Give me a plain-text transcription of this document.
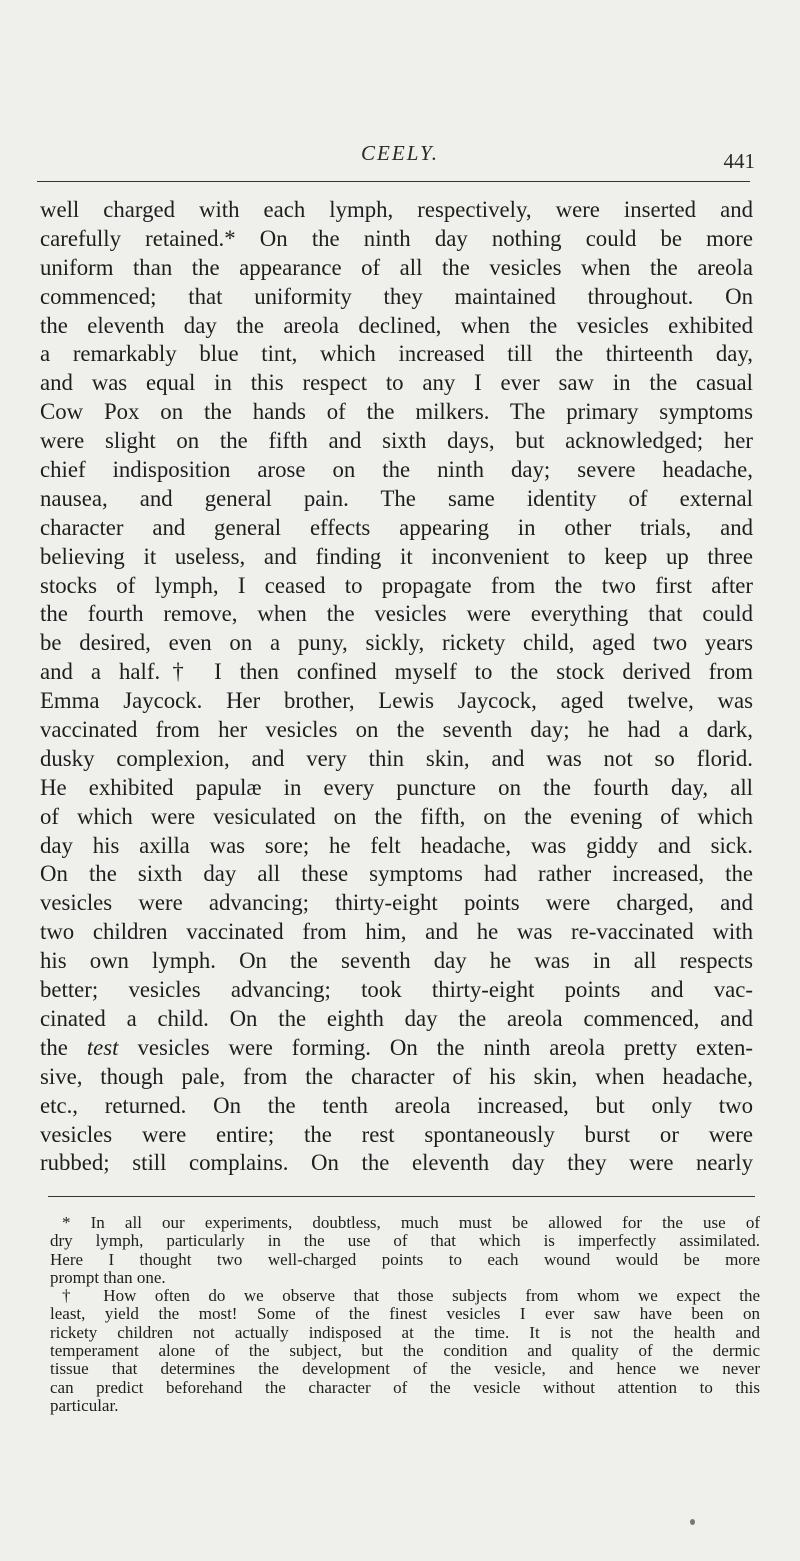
CEELY.	441
well charged with each lymph, respectively, were inserted and
carefully retained.* On the ninth day nothing could be more
uniform than the appearance of all the vesicles when the areola
commenced; that uniformity they maintained throughout. On
the eleventh day the areola declined, when the vesicles exhibited
a remarkably blue tint, which increased till the thirteenth day,
and was equal in this respect to any I ever saw in the casual
Cow Pox on the hands of the milkers. The primary symptoms
were slight on the fifth and sixth days, but acknowledged; her
chief indisposition arose on the ninth day; severe headache,
nausea, and general pain. The same identity of external
character and general effects appearing in other trials, and
believing it useless, and finding it inconvenient to keep up three
stocks of lymph, I ceased to propagate from the two first after
the fourth remove, when the vesicles were everything that could
be desired, even on a puny, sickly, rickety child, aged two years
and a half.† I then confined myself to the stock derived from
Emma Jaycock. Her brother, Lewis Jaycock, aged twelve, was
vaccinated from her vesicles on the seventh day; he had a dark,
dusky complexion, and very thin skin, and was not so florid.
He exhibited papulæ in every puncture on the fourth day, all
of which were vesiculated on the fifth, on the evening of which
day his axilla was sore; he felt headache, was giddy and sick.
On the sixth day all these symptoms had rather increased, the
vesicles were advancing; thirty-eight points were charged, and
two children vaccinated from him, and he was re-vaccinated with
his own lymph. On the seventh day he was in all respects
better; vesicles advancing; took thirty-eight points and vac-
cinated a child. On the eighth day the areola commenced, and
the test vesicles were forming. On the ninth areola pretty exten-
sive, though pale, from the character of his skin, when headache,
etc., returned. On the tenth areola increased, but only two
vesicles were entire; the rest spontaneously burst or were
rubbed; still complains. On the eleventh day they were nearly
* In all our experiments, doubtless, much must be allowed for the use of
dry lymph, particularly in the use of that which is imperfectly assimilated.
Here I thought two well-charged points to each wound would be more
prompt than one.
† How often do we observe that those subjects from whom we expect the
least, yield the most! Some of the finest vesicles I ever saw have been on
rickety children not actually indisposed at the time. It is not the health and
temperament alone of the subject, but the condition and quality of the dermic
tissue that determines the development of the vesicle, and hence we never
can predict beforehand the character of the vesicle without attention to this
particular.
